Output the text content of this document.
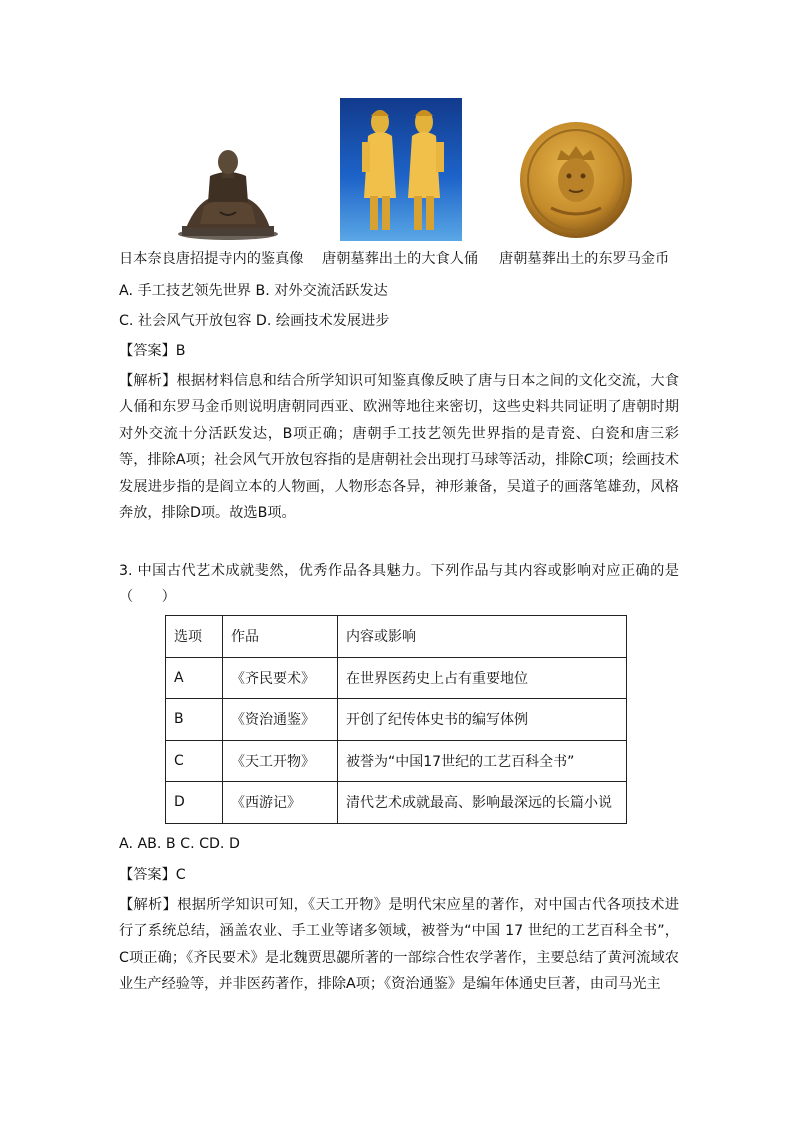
日本奈良唐招提寺内的鉴真像 唐朝墓葬出土的大食人俑 唐朝墓葬出土的东罗马金币
A. 手工技艺领先世界 B. 对外交流活跃发达
C. 社会风气开放包容 D. 绘画技术发展进步
【答案】B
【解析】根据材料信息和结合所学知识可知鉴真像反映了唐与日本之间的文化交流，大食人俑和东罗马金币则说明唐朝同西亚、欧洲等地往来密切，这些史料共同证明了唐朝时期对外交流十分活跃发达，B项正确；唐朝手工技艺领先世界指的是青瓷、白瓷和唐三彩等，排除A项；社会风气开放包容指的是唐朝社会出现打马球等活动，排除C项；绘画技术发展进步指的是阎立本的人物画，人物形态各异，神形兼备，吴道子的画落笔雄劲，风格奔放，排除D项。故选B项。
3. 中国古代艺术成就斐然，优秀作品各具魅力。下列作品与其内容或影响对应正确的是（　　）
选项	作品	内容或影响
A	《齐民要术》	在世界医药史上占有重要地位
B	《资治通鉴》	开创了纪传体史书的编写体例
C	《天工开物》	被誉为“中国17世纪的工艺百科全书”
D	《西游记》	清代艺术成就最高、影响最深远的长篇小说
A. AB. B C. CD. D
【答案】C
【解析】根据所学知识可知，《天工开物》是明代宋应星的著作，对中国古代各项技术进行了系统总结，涵盖农业、手工业等诸多领域，被誉为“中国 17 世纪的工艺百科全书”，C项正确；《齐民要术》是北魏贾思勰所著的一部综合性农学著作，主要总结了黄河流域农业生产经验等，并非医药著作，排除A项；《资治通鉴》是编年体通史巨著，由司马光主
